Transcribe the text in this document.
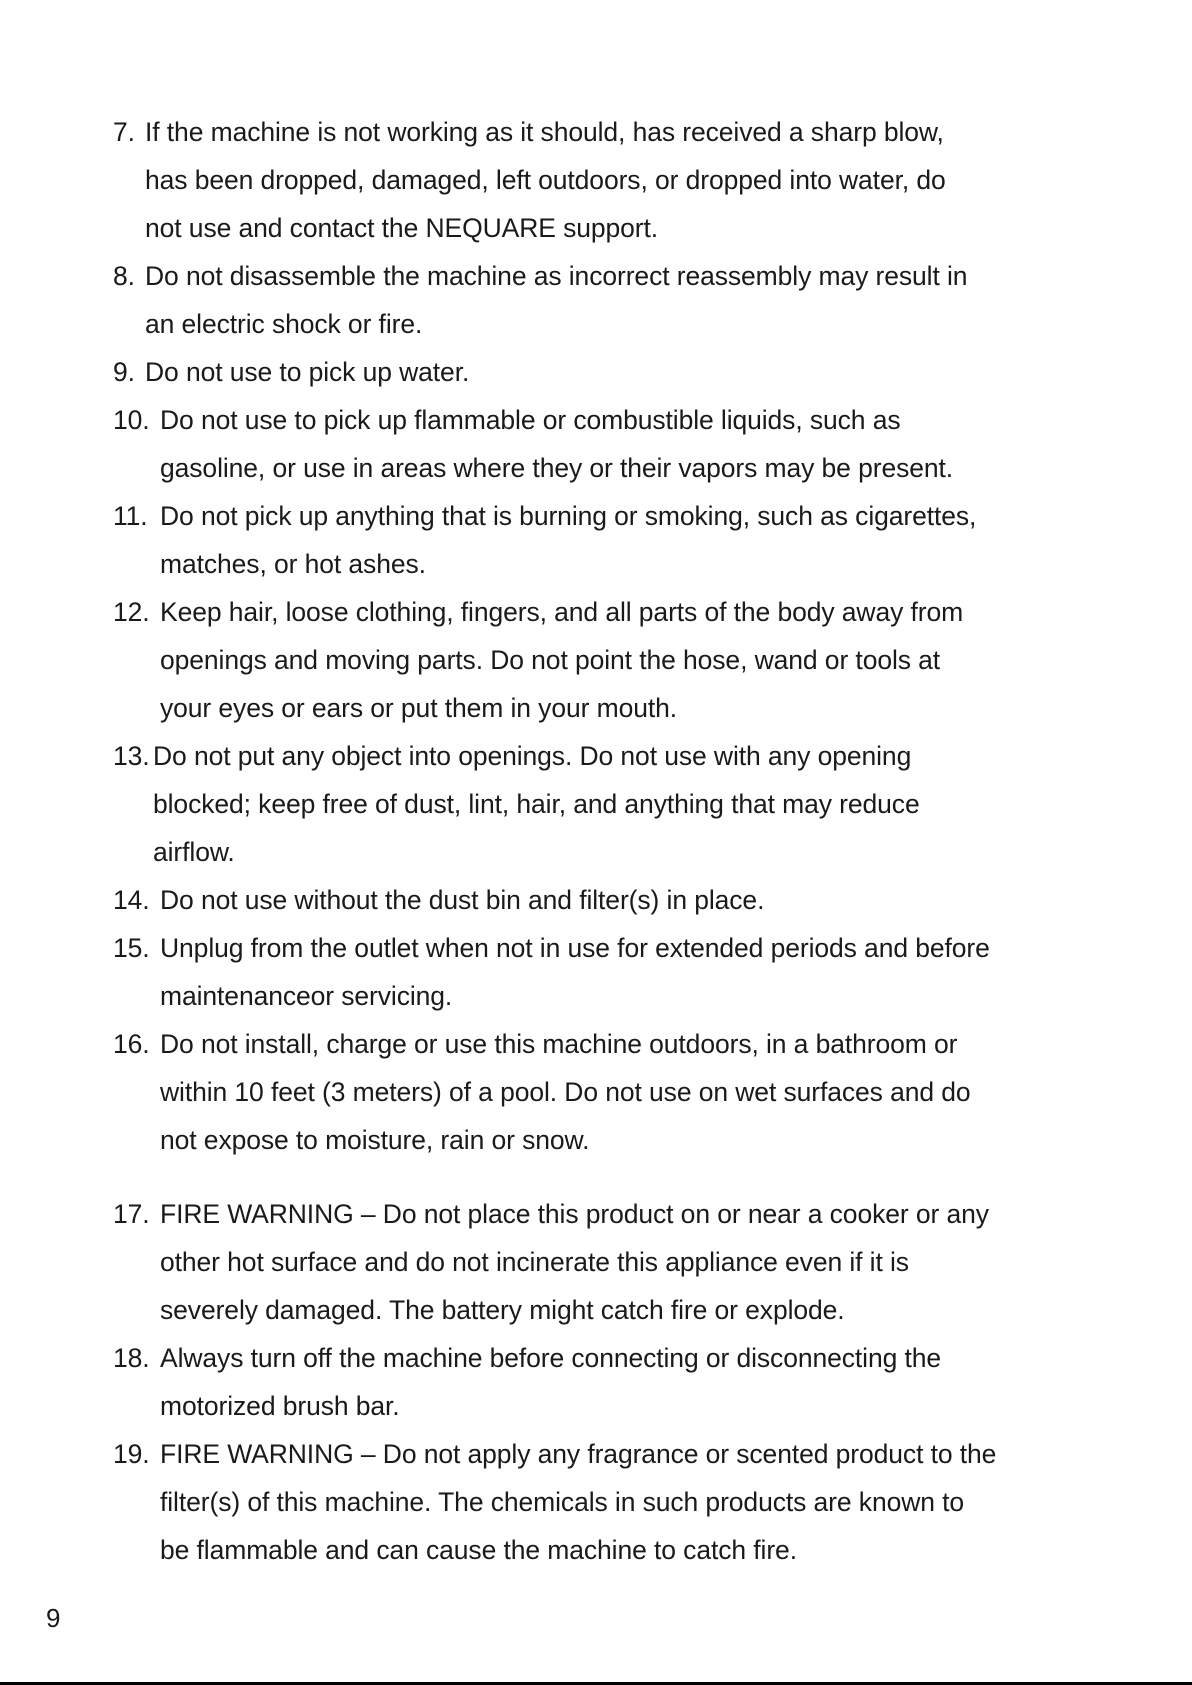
7. If the machine is not working as it should, has received a sharp blow,
has been dropped, damaged, left outdoors, or dropped into water, do
not use and contact the NEQUARE support.
8. Do not disassemble the machine as incorrect reassembly may result in
an electric shock or fire.
9. Do not use to pick up water.
10. Do not use to pick up flammable or combustible liquids, such as
gasoline, or use in areas where they or their vapors may be present.
11. Do not pick up anything that is burning or smoking, such as cigarettes,
matches, or hot ashes.
12. Keep hair, loose clothing, fingers, and all parts of the body away from
openings and moving parts. Do not point the hose, wand or tools at
your eyes or ears or put them in your mouth.
13. Do not put any object into openings. Do not use with any opening
blocked; keep free of dust, lint, hair, and anything that may reduce
airflow.
14. Do not use without the dust bin and filter(s) in place.
15. Unplug from the outlet when not in use for extended periods and before
maintenanceor servicing.
16. Do not install, charge or use this machine outdoors, in a bathroom or
within 10 feet (3 meters) of a pool. Do not use on wet surfaces and do
not expose to moisture, rain or snow.
17. FIRE WARNING – Do not place this product on or near a cooker or any
other hot surface and do not incinerate this appliance even if it is
severely damaged. The battery might catch fire or explode.
18. Always turn off the machine before connecting or disconnecting the
motorized brush bar.
19. FIRE WARNING – Do not apply any fragrance or scented product to the
filter(s) of this machine. The chemicals in such products are known to
be flammable and can cause the machine to catch fire.
9
